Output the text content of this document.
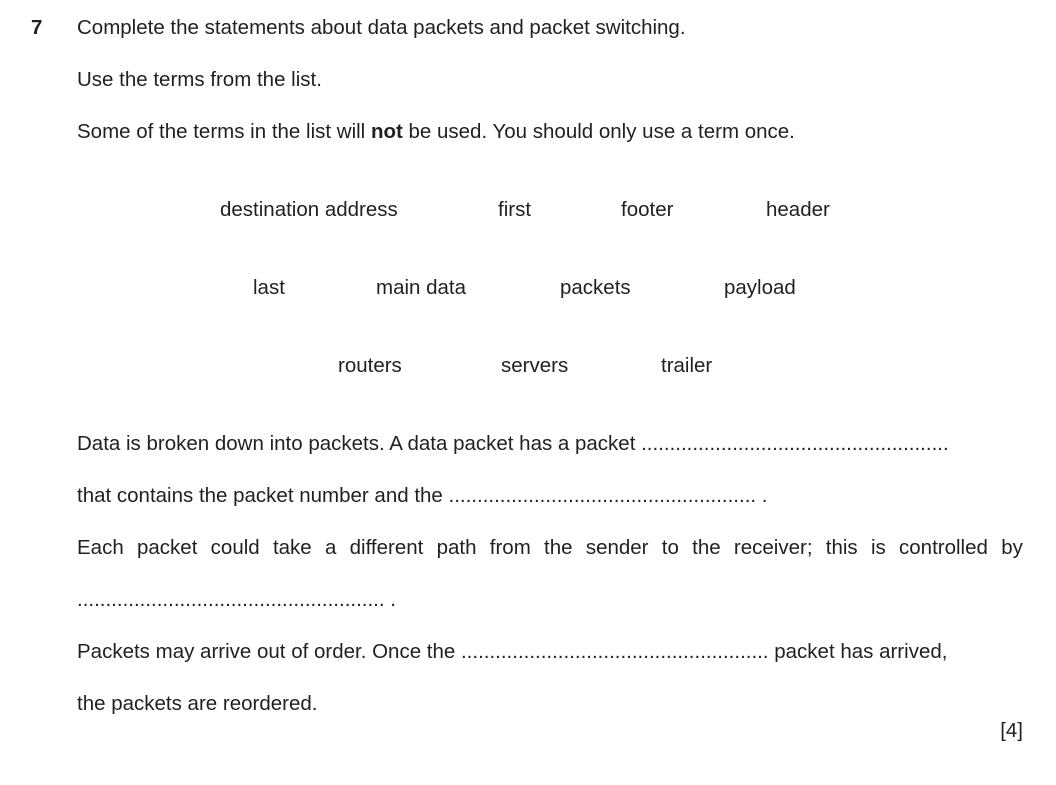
7 Complete the statements about data packets and packet switching.
Use the terms from the list.
Some of the terms in the list will not be used. You should only use a term once.
destination address	first	footer	header
last	main data	packets	payload
routers	servers	trailer
Data is broken down into packets. A data packet has a packet ......................................................
that contains the packet number and the ...................................................... .
Each packet could take a different path from the sender to the receiver; this is controlled by
...................................................... .
Packets may arrive out of order. Once the ...................................................... packet has arrived,
the packets are reordered.
[4]
